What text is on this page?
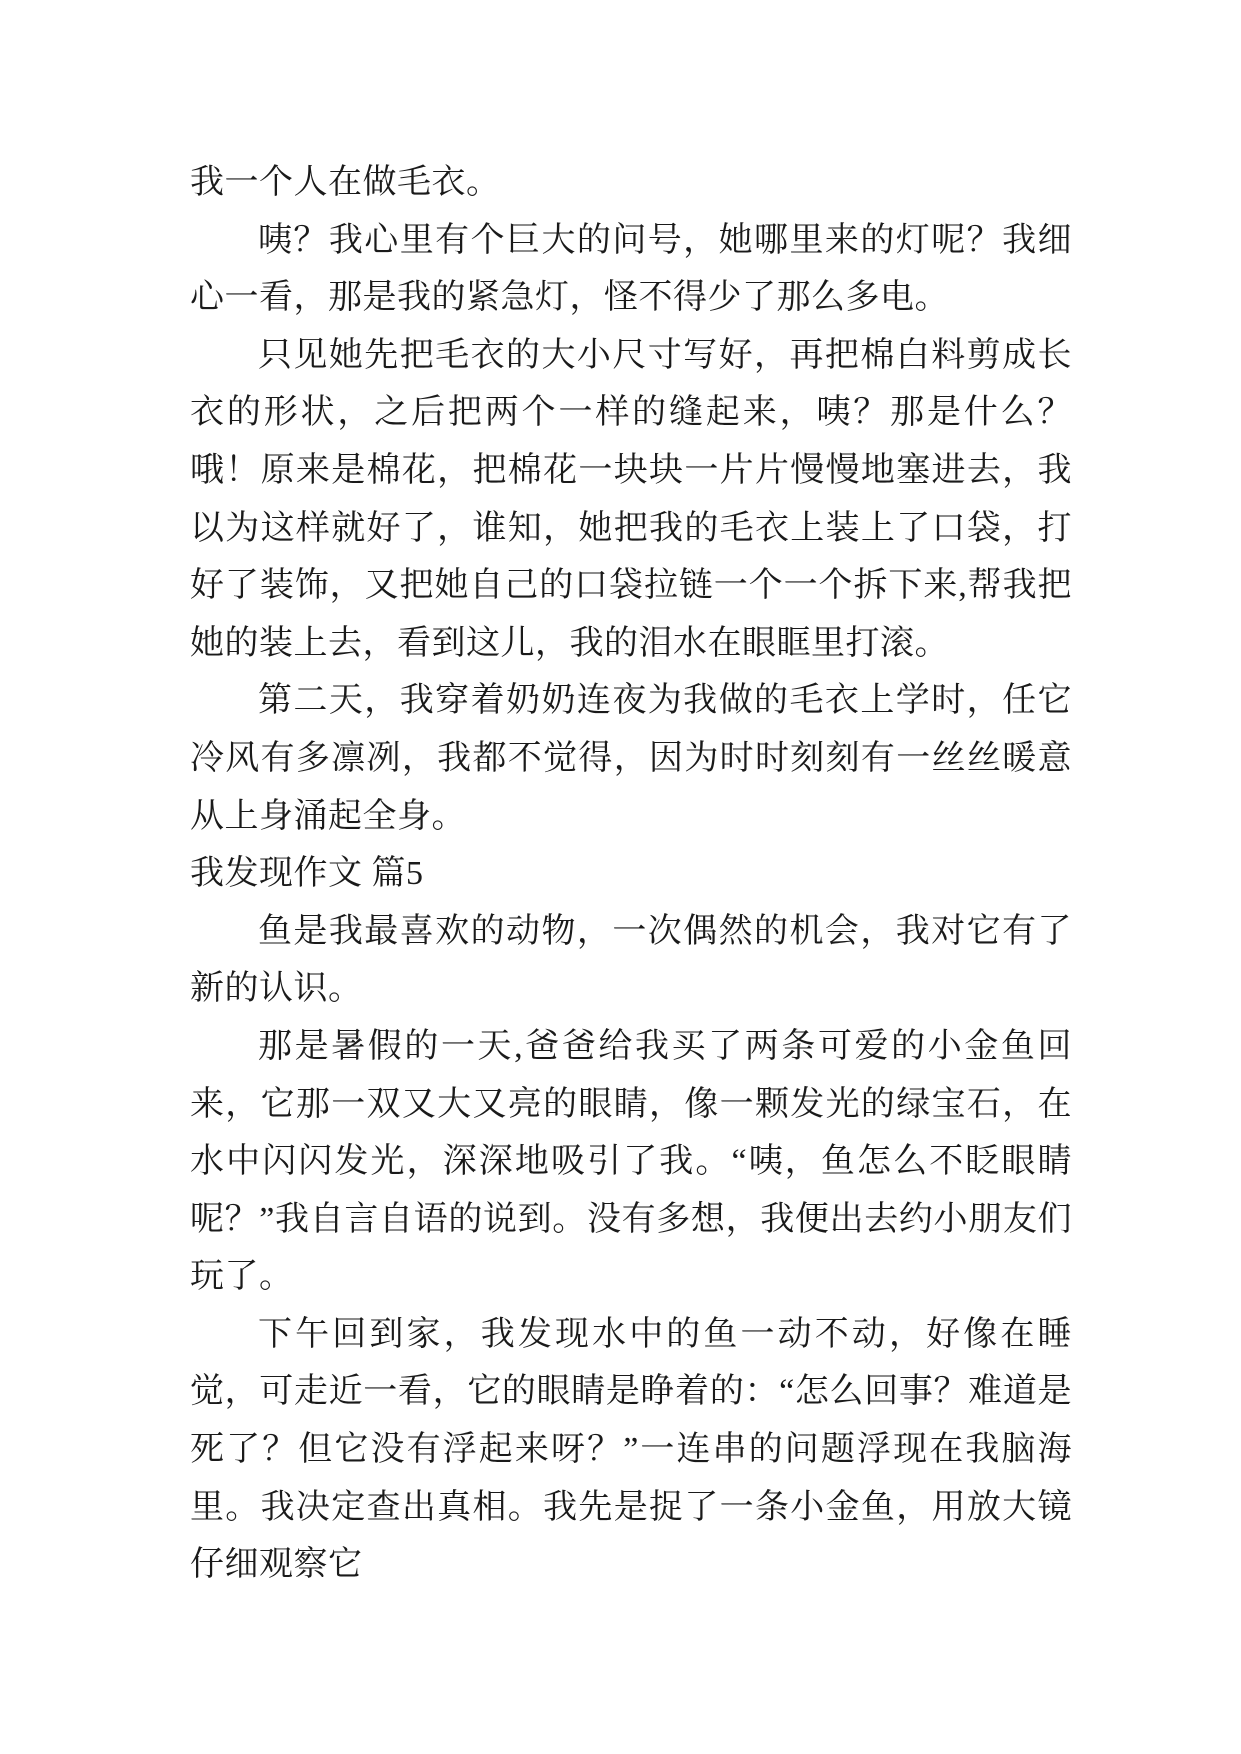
我一个人在做毛衣。

咦？我心里有个巨大的问号，她哪里来的灯呢？我细心一看，那是我的紧急灯，怪不得少了那么多电。

只见她先把毛衣的大小尺寸写好，再把棉白料剪成长衣的形状，之后把两个一样的缝起来，咦？那是什么？哦！原来是棉花，把棉花一块块一片片慢慢地塞进去，我以为这样就好了，谁知，她把我的毛衣上装上了口袋，打好了装饰，又把她自己的口袋拉链一个一个拆下来,帮我把她的装上去，看到这儿，我的泪水在眼眶里打滚。

第二天，我穿着奶奶连夜为我做的毛衣上学时，任它冷风有多凛冽，我都不觉得，因为时时刻刻有一丝丝暖意从上身涌起全身。

我发现作文 篇5

鱼是我最喜欢的动物，一次偶然的机会，我对它有了新的认识。

那是暑假的一天,爸爸给我买了两条可爱的小金鱼回来，它那一双又大又亮的眼睛，像一颗发光的绿宝石，在水中闪闪发光，深深地吸引了我。“咦，鱼怎么不眨眼睛呢？”我自言自语的说到。没有多想，我便出去约小朋友们玩了。

下午回到家，我发现水中的鱼一动不动，好像在睡觉，可走近一看，它的眼睛是睁着的：“怎么回事？难道是死了？但它没有浮起来呀？”一连串的问题浮现在我脑海里。我决定查出真相。我先是捉了一条小金鱼，用放大镜仔细观察它
